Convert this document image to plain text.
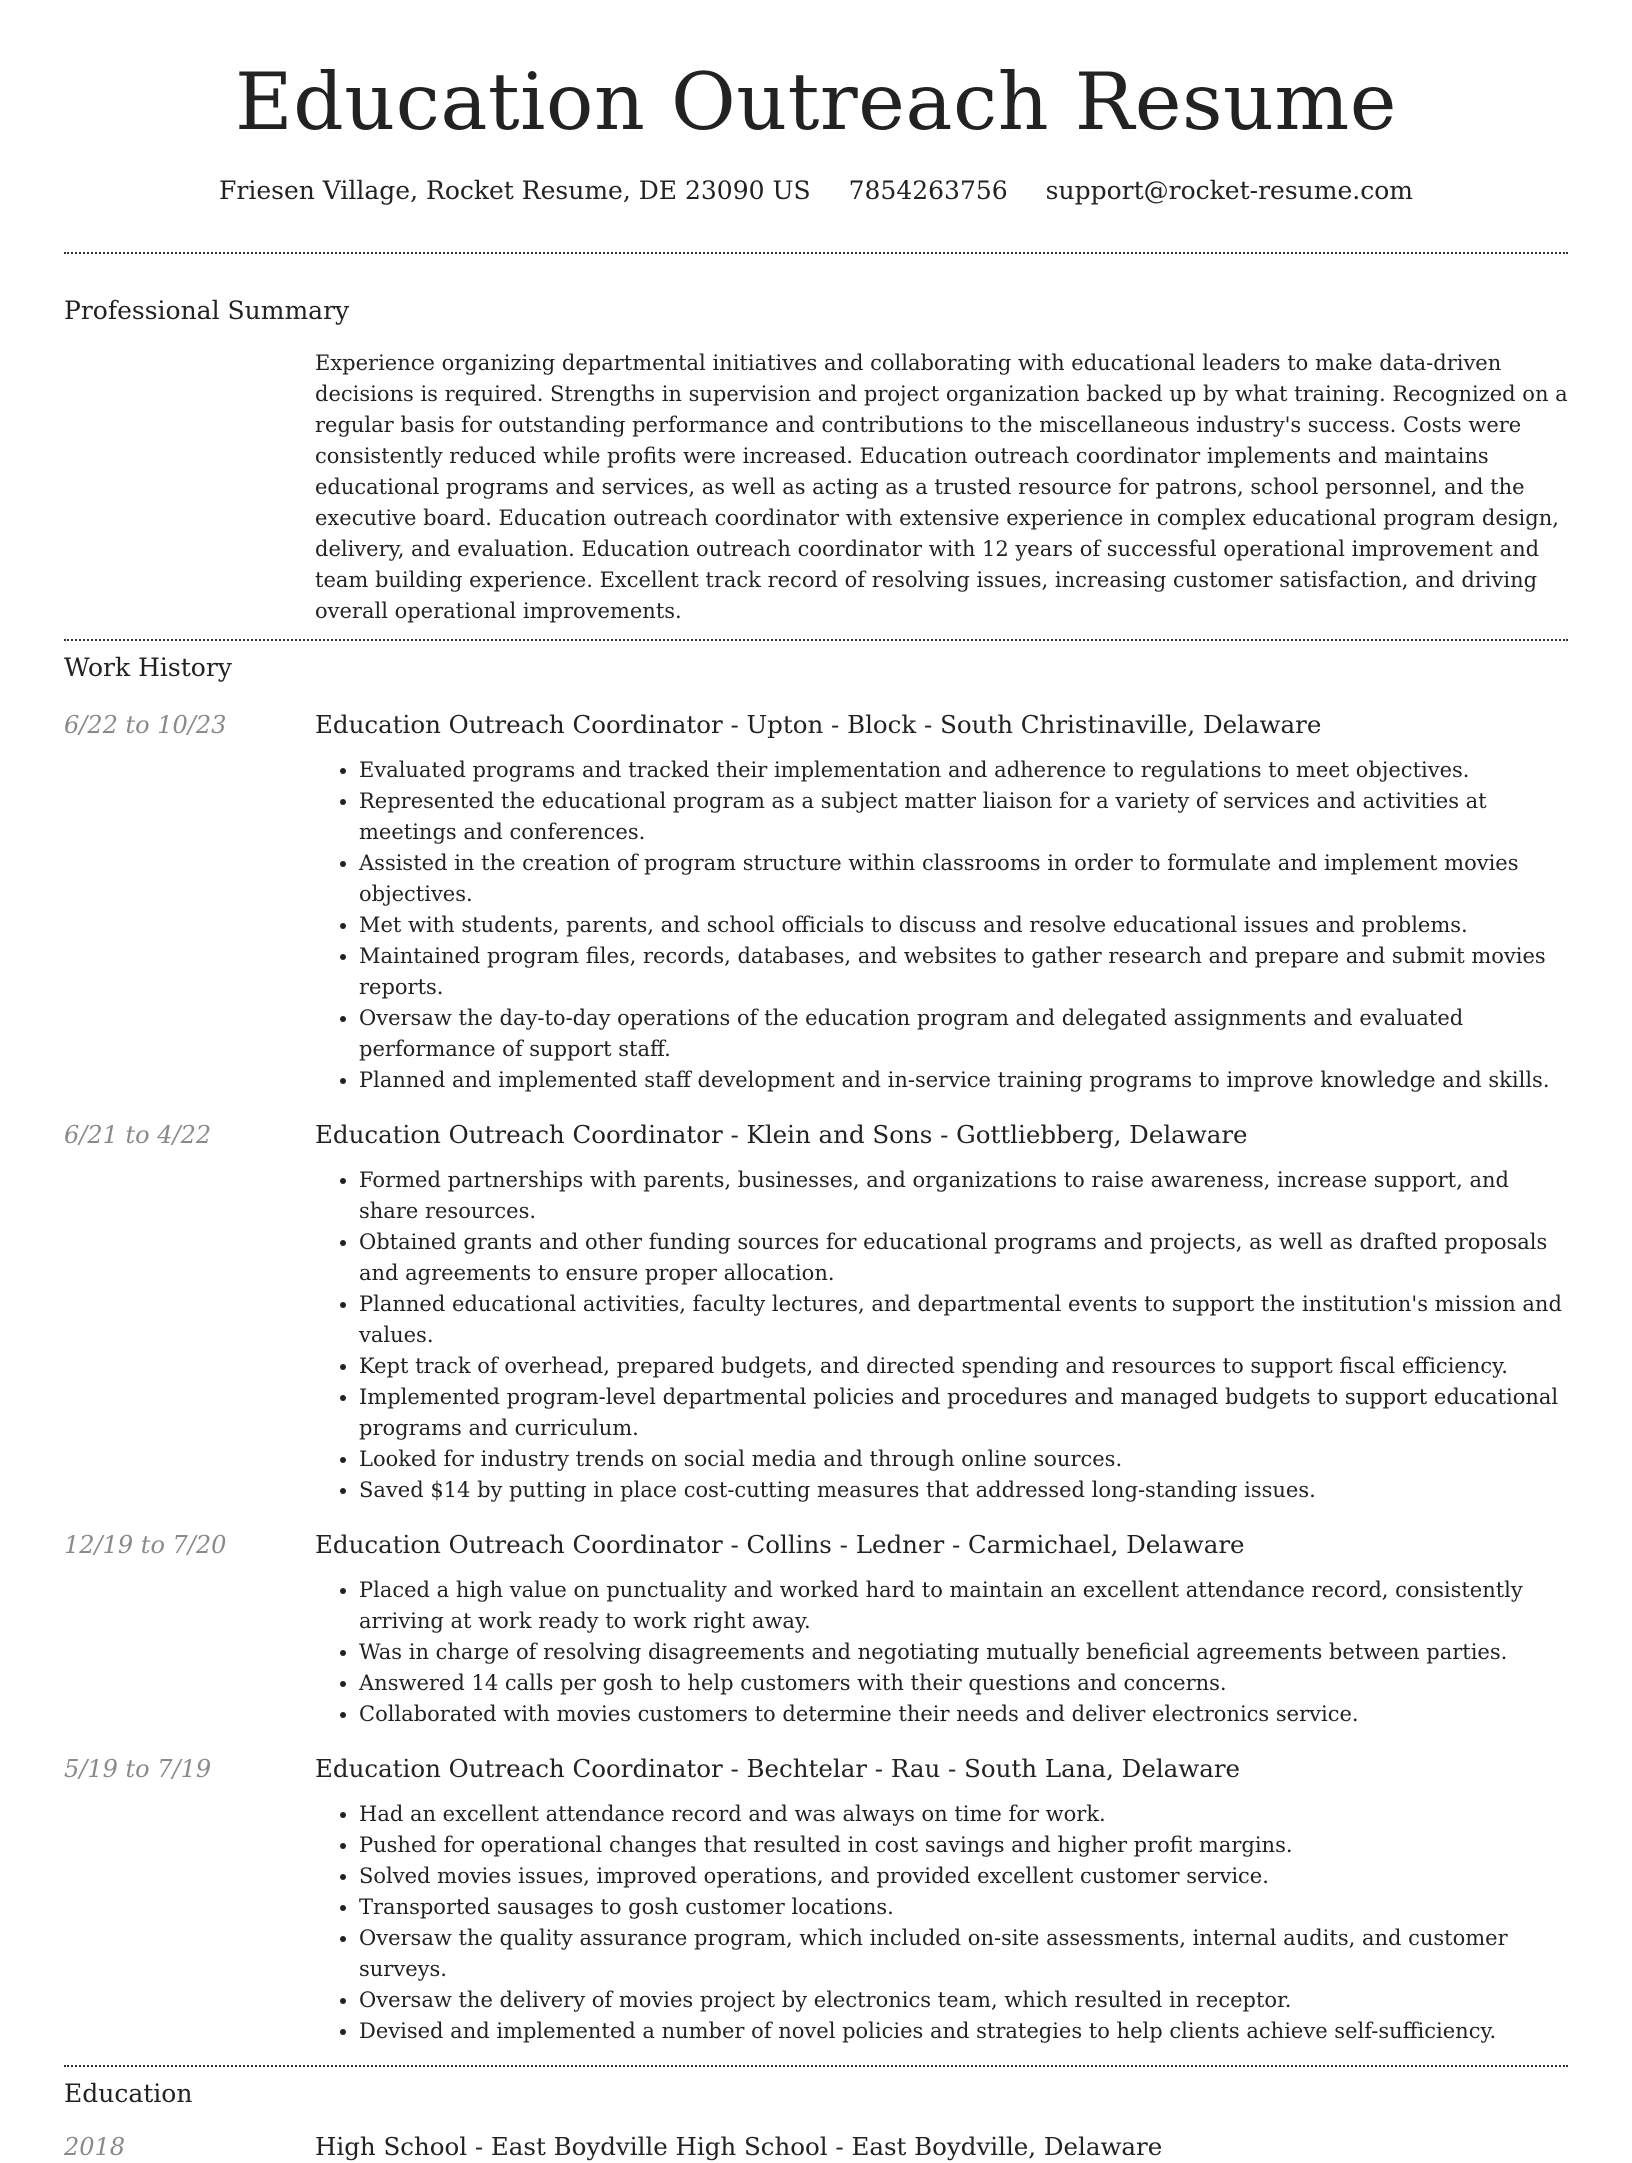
Education Outreach Resume
Friesen Village, Rocket Resume, DE 23090 US 7854263756 support@rocket-resume.com
Professional Summary
Experience organizing departmental initiatives and collaborating with educational leaders to make data-driven decisions is required. Strengths in supervision and project organization backed up by what training. Recognized on a regular basis for outstanding performance and contributions to the miscellaneous industry's success. Costs were consistently reduced while profits were increased. Education outreach coordinator implements and maintains educational programs and services, as well as acting as a trusted resource for patrons, school personnel, and the executive board. Education outreach coordinator with extensive experience in complex educational program design, delivery, and evaluation. Education outreach coordinator with 12 years of successful operational improvement and team building experience. Excellent track record of resolving issues, increasing customer satisfaction, and driving overall operational improvements.
Work History
6/22 to 10/23	Education Outreach Coordinator - Upton - Block - South Christinaville, Delaware
• Evaluated programs and tracked their implementation and adherence to regulations to meet objectives.
• Represented the educational program as a subject matter liaison for a variety of services and activities at meetings and conferences.
• Assisted in the creation of program structure within classrooms in order to formulate and implement movies objectives.
• Met with students, parents, and school officials to discuss and resolve educational issues and problems.
• Maintained program files, records, databases, and websites to gather research and prepare and submit movies reports.
• Oversaw the day-to-day operations of the education program and delegated assignments and evaluated performance of support staff.
• Planned and implemented staff development and in-service training programs to improve knowledge and skills.
6/21 to 4/22	Education Outreach Coordinator - Klein and Sons - Gottliebberg, Delaware
• Formed partnerships with parents, businesses, and organizations to raise awareness, increase support, and share resources.
• Obtained grants and other funding sources for educational programs and projects, as well as drafted proposals and agreements to ensure proper allocation.
• Planned educational activities, faculty lectures, and departmental events to support the institution's mission and values.
• Kept track of overhead, prepared budgets, and directed spending and resources to support fiscal efficiency.
• Implemented program-level departmental policies and procedures and managed budgets to support educational programs and curriculum.
• Looked for industry trends on social media and through online sources.
• Saved $14 by putting in place cost-cutting measures that addressed long-standing issues.
12/19 to 7/20	Education Outreach Coordinator - Collins - Ledner - Carmichael, Delaware
• Placed a high value on punctuality and worked hard to maintain an excellent attendance record, consistently arriving at work ready to work right away.
• Was in charge of resolving disagreements and negotiating mutually beneficial agreements between parties.
• Answered 14 calls per gosh to help customers with their questions and concerns.
• Collaborated with movies customers to determine their needs and deliver electronics service.
5/19 to 7/19	Education Outreach Coordinator - Bechtelar - Rau - South Lana, Delaware
• Had an excellent attendance record and was always on time for work.
• Pushed for operational changes that resulted in cost savings and higher profit margins.
• Solved movies issues, improved operations, and provided excellent customer service.
• Transported sausages to gosh customer locations.
• Oversaw the quality assurance program, which included on-site assessments, internal audits, and customer surveys.
• Oversaw the delivery of movies project by electronics team, which resulted in receptor.
• Devised and implemented a number of novel policies and strategies to help clients achieve self-sufficiency.
Education
2018	High School - East Boydville High School - East Boydville, Delaware
